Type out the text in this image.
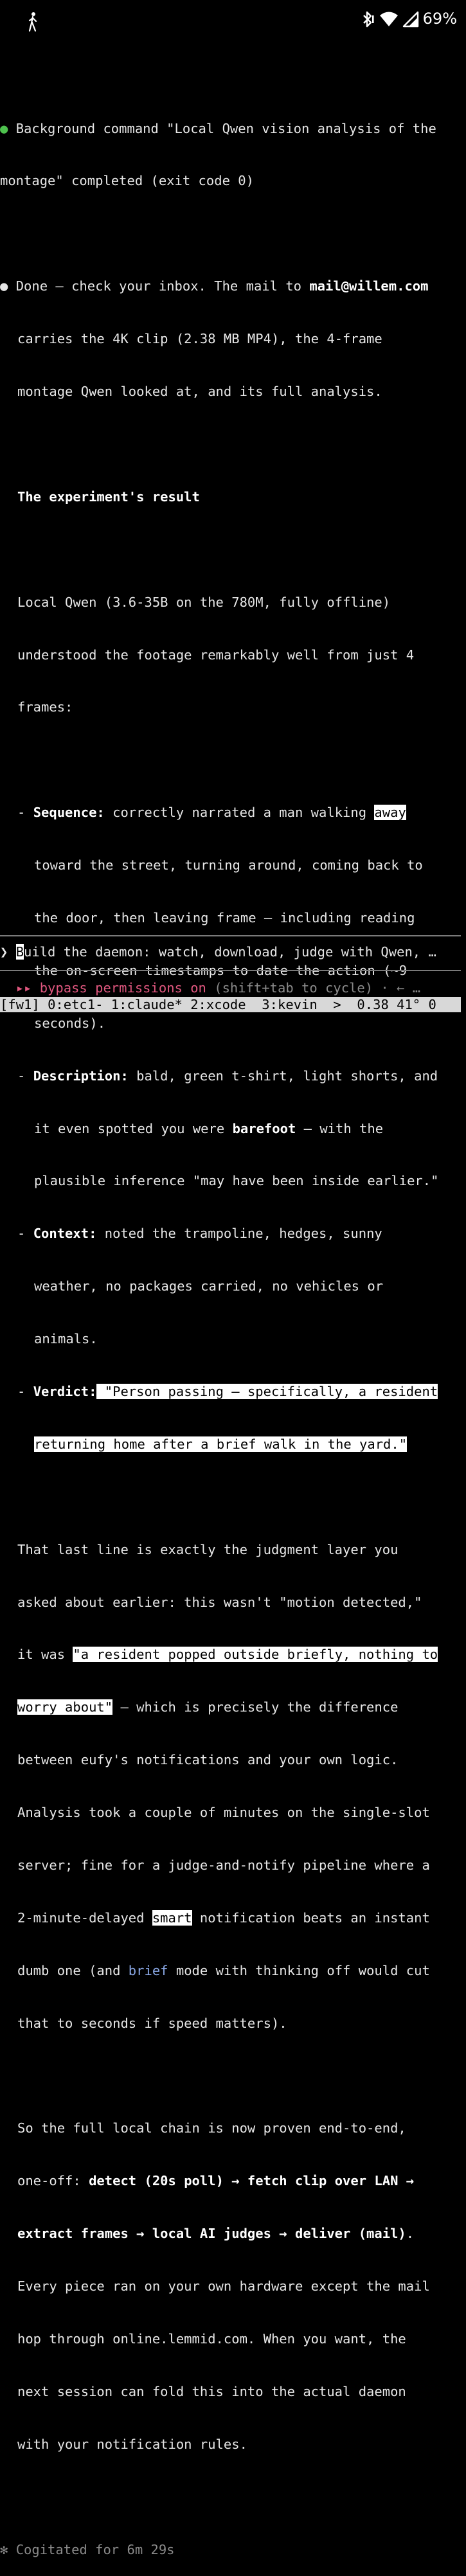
69%

● Background command "Local Qwen vision analysis of the

montage" completed (exit code 0)

● Done — check your inbox. The mail to mail@willem.com

carries the 4K clip (2.38 MB MP4), the 4-frame

montage Qwen looked at, and its full analysis.

The experiment's result

Local Qwen (3.6-35B on the 780M, fully offline)

understood the footage remarkably well from just 4

frames:

- Sequence: correctly narrated a man walking away

toward the street, turning around, coming back to

the door, then leaving frame — including reading

the on-screen timestamps to date the action (~9

seconds).

- Description: bald, green t-shirt, light shorts, and

it even spotted you were barefoot — with the

plausible inference "may have been inside earlier."

- Context: noted the trampoline, hedges, sunny

weather, no packages carried, no vehicles or

animals.

- Verdict: "Person passing — specifically, a resident

returning home after a brief walk in the yard."

That last line is exactly the judgment layer you

asked about earlier: this wasn't "motion detected,"

it was "a resident popped outside briefly, nothing to

worry about" — which is precisely the difference

between eufy's notifications and your own logic.

Analysis took a couple of minutes on the single-slot

server; fine for a judge-and-notify pipeline where a

2-minute-delayed smart notification beats an instant

dumb one (and brief mode with thinking off would cut

that to seconds if speed matters).

So the full local chain is now proven end-to-end,

one-off: detect (20s poll) → fetch clip over LAN →

extract frames → local AI judges → deliver (mail).

Every piece ran on your own hardware except the mail

hop through online.lemmid.com. When you want, the

next session can fold this into the actual daemon

with your notification rules.

✻ Cogitated for 6m 29s

❯ Build the daemon: watch, download, judge with Qwen, …
▸▸ bypass permissions on (shift+tab to cycle) · ← …
[fw1] 0:etc1- 1:claude* 2:xcode  3:kevin >  0.38 41° 0
